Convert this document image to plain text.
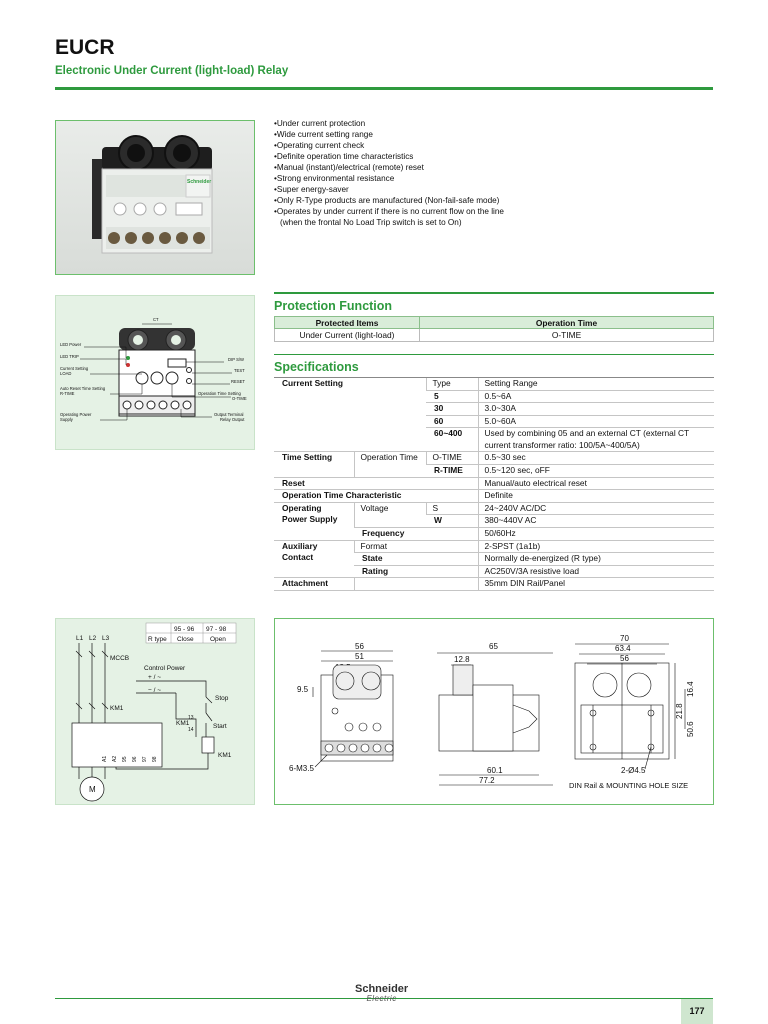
EUCR
Electronic Under Current (light-load) Relay
Schneider
• Under current protection
• Wide current setting range
• Operating current check
• Definite operation time characteristics
• Manual (instant)/electrical (remote) reset
• Strong environmental resistance
• Super energy-saver
• Only R-Type products are manufactured (Non-fail-safe mode)
• Operates by under current if there is no current flow on the line
(when the frontal No Load Trip switch is set to On)
CT
LED Power
LED TRIP
Current Setting
LOAD
Auto Reset Time Setting
R-TIME
Operating Power
Supply
DIP S/W
TEST
RESET
Operation Time Setting
O-TIME
Output Terminal
Relay Output
Protection Function
Protected Items	Operation Time
Under Current (light-load)	O-TIME
Specifications
Current Setting		Type	Setting Range
		5	0.5~6A
		30	3.0~30A
		60	5.0~60A
		60~400	Used by combining 05 and an external CT (external CT
current transformer ratio: 100/5A~400/5A)
Time Setting	Operation Time	O-TIME	0.5~30 sec
		R-TIME	0.5~120 sec, oFF
Reset			Manual/auto electrical reset
Operation Time Characteristic			Definite
Operating
Power Supply	Voltage	S	24~240V AC/DC
		W	380~440V AC
	Frequency		50/60Hz
Auxiliary
Contact	Format		2-SPST (1a1b)
	State		Normally de-energized (R type)
	Rating		AC250V/3A resistive load
Attachment			35mm DIN Rail/Panel
95 - 96 97 - 98
R type Close	Open
L1 L2 L3
MCCB
Control Power
+ / ~
− / ~
Stop
Start
KM1
KM1
KM1
13
14
M
A1 A2 95 96 97 98
56
51
9.5
6-M3.5
65
12.8
60.1
77.2
70
63.4
56
2-Ø4.5
DIN Rail & MOUNTING HOLE SIZE
16.4
21.8
50.6
Schneider
Electric
177
